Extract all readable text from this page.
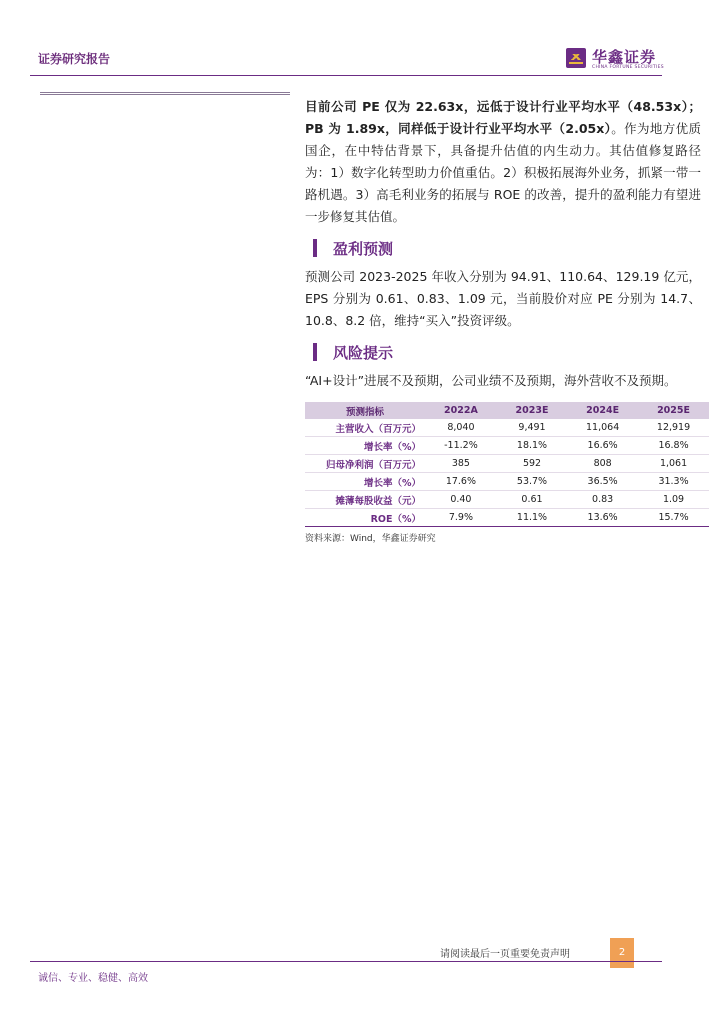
证券研究报告	华鑫证券
CHINA FORTUNE SECURITIES

目前公司 PE 仅为 22.63x，远低于设计行业平均水平（48.53x）；PB 为 1.89x，同样低于设计行业平均水平（2.05x）。作为地方优质国企，在中特估背景下，具备提升估值的内生动力。其估值修复路径为：1）数字化转型助力价值重估。2）积极拓展海外业务，抓紧一带一路机遇。3）高毛利业务的拓展与 ROE 的改善，提升的盈利能力有望进一步修复其估值。

盈利预测

预测公司 2023-2025 年收入分别为 94.91、110.64、129.19 亿元，EPS 分别为 0.61、0.83、1.09 元，当前股价对应 PE 分别为 14.7、10.8、8.2 倍，维持“买入”投资评级。

风险提示

“AI+设计”进展不及预期，公司业绩不及预期，海外营收不及预期。

预测指标	2022A	2023E	2024E	2025E
主营收入（百万元）	8,040	9,491	11,064	12,919
增长率（%）	-11.2%	18.1%	16.6%	16.8%
归母净利润（百万元）	385	592	808	1,061
增长率（%）	17.6%	53.7%	36.5%	31.3%
摊薄每股收益（元）	0.40	0.61	0.83	1.09
ROE（%）	7.9%	11.1%	13.6%	15.7%
资料来源：Wind，华鑫证券研究
请阅读最后一页重要免责声明	2
诚信、专业、稳健、高效
